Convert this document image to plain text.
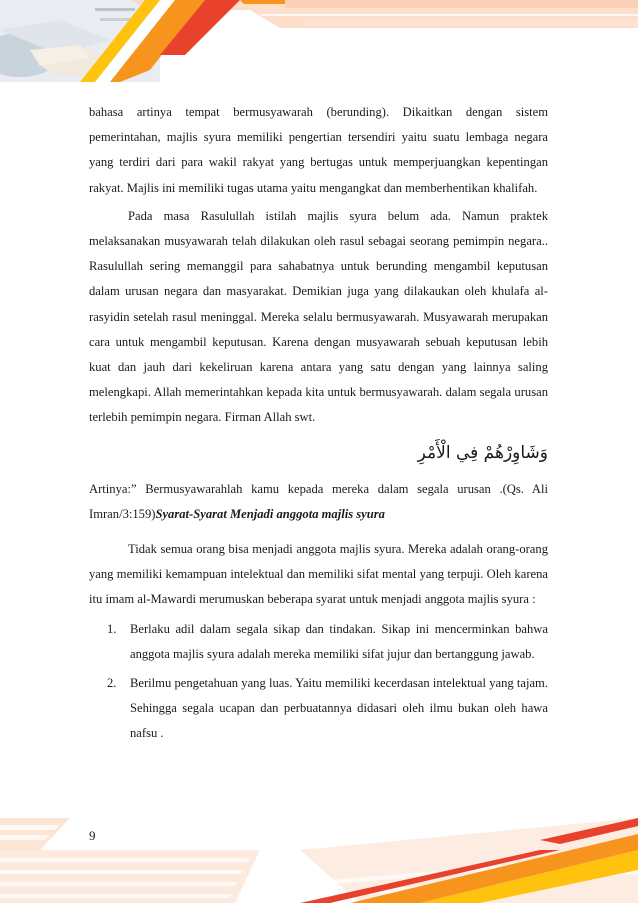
bahasa artinya tempat bermusyawarah (berunding). Dikaitkan dengan sistem pemerintahan, majlis syura memiliki pengertian tersendiri yaitu suatu lembaga negara yang terdiri dari para wakil rakyat yang bertugas untuk memperjuangkan kepentingan rakyat. Majlis ini memiliki tugas utama yaitu mengangkat dan memberhentikan khalifah.

Pada masa Rasulullah istilah majlis syura belum ada. Namun praktek melaksanakan musyawarah telah dilakukan oleh rasul sebagai seorang pemimpin negara.. Rasulullah sering memanggil para sahabatnya untuk berunding mengambil keputusan dalam urusan negara dan masyarakat. Demikian juga yang dilakaukan oleh khulafa al-rasyidin setelah rasul meninggal. Mereka selalu bermusyawarah. Musyawarah merupakan cara untuk mengambil keputusan. Karena dengan musyawarah sebuah keputusan lebih kuat dan jauh dari kekeliruan karena antara yang satu dengan yang lainnya saling melengkapi. Allah memerintahkan kepada kita untuk bermusyawarah. dalam segala urusan terlebih pemimpin negara. Firman Allah swt.

وَشَاوِرْهُمْ فِي الْأَمْرِ

Artinya:” Bermusyawarahlah kamu kepada mereka dalam segala urusan .(Qs. Ali Imran/3:159)Syarat-Syarat Menjadi anggota majlis syura

Tidak semua orang bisa menjadi anggota majlis syura. Mereka adalah orang-orang yang memiliki kemampuan intelektual dan memiliki sifat mental yang terpuji. Oleh karena itu imam al-Mawardi merumuskan beberapa syarat untuk menjadi anggota majlis syura :

1. Berlaku adil dalam segala sikap dan tindakan. Sikap ini mencerminkan bahwa anggota majlis syura adalah mereka memiliki sifat jujur dan bertanggung jawab.
2. Berilmu pengetahuan yang luas. Yaitu memiliki kecerdasan intelektual yang tajam. Sehingga segala ucapan dan perbuatannya didasari oleh ilmu bukan oleh hawa nafsu .
9
